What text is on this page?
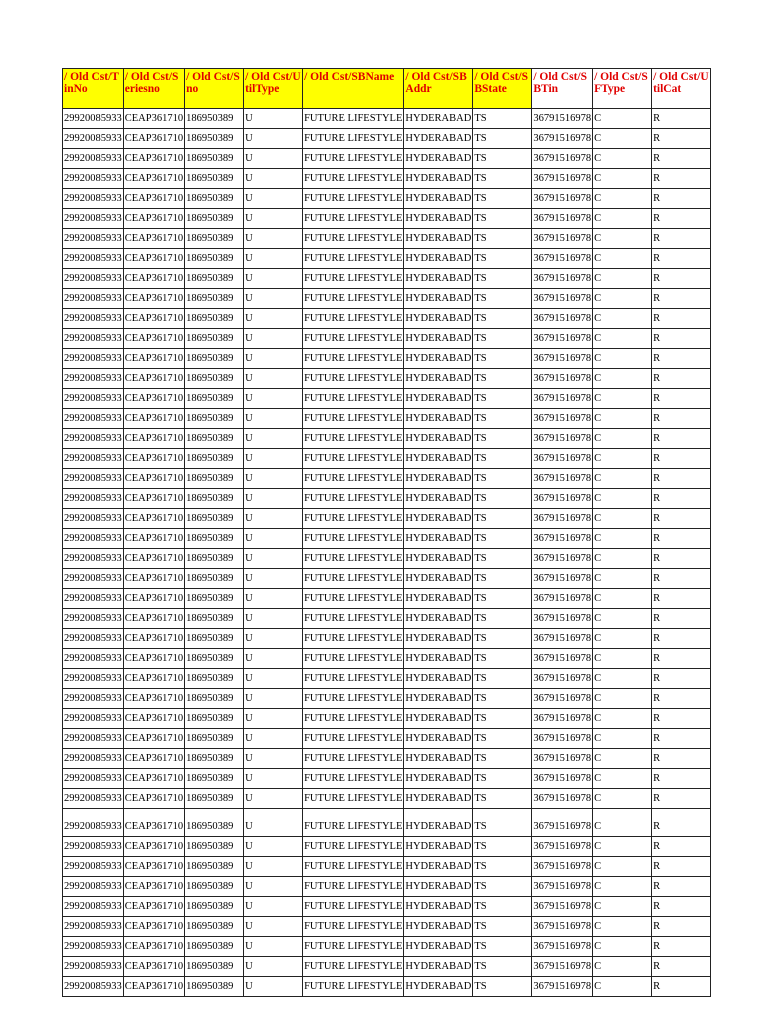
/ Old Cst/TinNo	/ Old Cst/Seriesno	/ Old Cst/Sno	/ Old Cst/UtilType	/ Old Cst/SBName	/ Old Cst/SBAddr	/ Old Cst/SBState	/ Old Cst/SBTin	/ Old Cst/SFType	/ Old Cst/UtilCat
29920085933	CEAP361710	186950389	U	FUTURE LIFESTYLE	HYDERABAD	TS	36791516978	C	R
29920085933	CEAP361710	186950389	U	FUTURE LIFESTYLE	HYDERABAD	TS	36791516978	C	R
29920085933	CEAP361710	186950389	U	FUTURE LIFESTYLE	HYDERABAD	TS	36791516978	C	R
29920085933	CEAP361710	186950389	U	FUTURE LIFESTYLE	HYDERABAD	TS	36791516978	C	R
29920085933	CEAP361710	186950389	U	FUTURE LIFESTYLE	HYDERABAD	TS	36791516978	C	R
29920085933	CEAP361710	186950389	U	FUTURE LIFESTYLE	HYDERABAD	TS	36791516978	C	R
29920085933	CEAP361710	186950389	U	FUTURE LIFESTYLE	HYDERABAD	TS	36791516978	C	R
29920085933	CEAP361710	186950389	U	FUTURE LIFESTYLE	HYDERABAD	TS	36791516978	C	R
29920085933	CEAP361710	186950389	U	FUTURE LIFESTYLE	HYDERABAD	TS	36791516978	C	R
29920085933	CEAP361710	186950389	U	FUTURE LIFESTYLE	HYDERABAD	TS	36791516978	C	R
29920085933	CEAP361710	186950389	U	FUTURE LIFESTYLE	HYDERABAD	TS	36791516978	C	R
29920085933	CEAP361710	186950389	U	FUTURE LIFESTYLE	HYDERABAD	TS	36791516978	C	R
29920085933	CEAP361710	186950389	U	FUTURE LIFESTYLE	HYDERABAD	TS	36791516978	C	R
29920085933	CEAP361710	186950389	U	FUTURE LIFESTYLE	HYDERABAD	TS	36791516978	C	R
29920085933	CEAP361710	186950389	U	FUTURE LIFESTYLE	HYDERABAD	TS	36791516978	C	R
29920085933	CEAP361710	186950389	U	FUTURE LIFESTYLE	HYDERABAD	TS	36791516978	C	R
29920085933	CEAP361710	186950389	U	FUTURE LIFESTYLE	HYDERABAD	TS	36791516978	C	R
29920085933	CEAP361710	186950389	U	FUTURE LIFESTYLE	HYDERABAD	TS	36791516978	C	R
29920085933	CEAP361710	186950389	U	FUTURE LIFESTYLE	HYDERABAD	TS	36791516978	C	R
29920085933	CEAP361710	186950389	U	FUTURE LIFESTYLE	HYDERABAD	TS	36791516978	C	R
29920085933	CEAP361710	186950389	U	FUTURE LIFESTYLE	HYDERABAD	TS	36791516978	C	R
29920085933	CEAP361710	186950389	U	FUTURE LIFESTYLE	HYDERABAD	TS	36791516978	C	R
29920085933	CEAP361710	186950389	U	FUTURE LIFESTYLE	HYDERABAD	TS	36791516978	C	R
29920085933	CEAP361710	186950389	U	FUTURE LIFESTYLE	HYDERABAD	TS	36791516978	C	R
29920085933	CEAP361710	186950389	U	FUTURE LIFESTYLE	HYDERABAD	TS	36791516978	C	R
29920085933	CEAP361710	186950389	U	FUTURE LIFESTYLE	HYDERABAD	TS	36791516978	C	R
29920085933	CEAP361710	186950389	U	FUTURE LIFESTYLE	HYDERABAD	TS	36791516978	C	R
29920085933	CEAP361710	186950389	U	FUTURE LIFESTYLE	HYDERABAD	TS	36791516978	C	R
29920085933	CEAP361710	186950389	U	FUTURE LIFESTYLE	HYDERABAD	TS	36791516978	C	R
29920085933	CEAP361710	186950389	U	FUTURE LIFESTYLE	HYDERABAD	TS	36791516978	C	R
29920085933	CEAP361710	186950389	U	FUTURE LIFESTYLE	HYDERABAD	TS	36791516978	C	R
29920085933	CEAP361710	186950389	U	FUTURE LIFESTYLE	HYDERABAD	TS	36791516978	C	R
29920085933	CEAP361710	186950389	U	FUTURE LIFESTYLE	HYDERABAD	TS	36791516978	C	R
29920085933	CEAP361710	186950389	U	FUTURE LIFESTYLE	HYDERABAD	TS	36791516978	C	R
29920085933	CEAP361710	186950389	U	FUTURE LIFESTYLE	HYDERABAD	TS	36791516978	C	R
29920085933	CEAP361710	186950389	U	FUTURE LIFESTYLE	HYDERABAD	TS	36791516978	C	R
29920085933	CEAP361710	186950389	U	FUTURE LIFESTYLE	HYDERABAD	TS	36791516978	C	R
29920085933	CEAP361710	186950389	U	FUTURE LIFESTYLE	HYDERABAD	TS	36791516978	C	R
29920085933	CEAP361710	186950389	U	FUTURE LIFESTYLE	HYDERABAD	TS	36791516978	C	R
29920085933	CEAP361710	186950389	U	FUTURE LIFESTYLE	HYDERABAD	TS	36791516978	C	R
29920085933	CEAP361710	186950389	U	FUTURE LIFESTYLE	HYDERABAD	TS	36791516978	C	R
29920085933	CEAP361710	186950389	U	FUTURE LIFESTYLE	HYDERABAD	TS	36791516978	C	R
29920085933	CEAP361710	186950389	U	FUTURE LIFESTYLE	HYDERABAD	TS	36791516978	C	R
29920085933	CEAP361710	186950389	U	FUTURE LIFESTYLE	HYDERABAD	TS	36791516978	C	R
